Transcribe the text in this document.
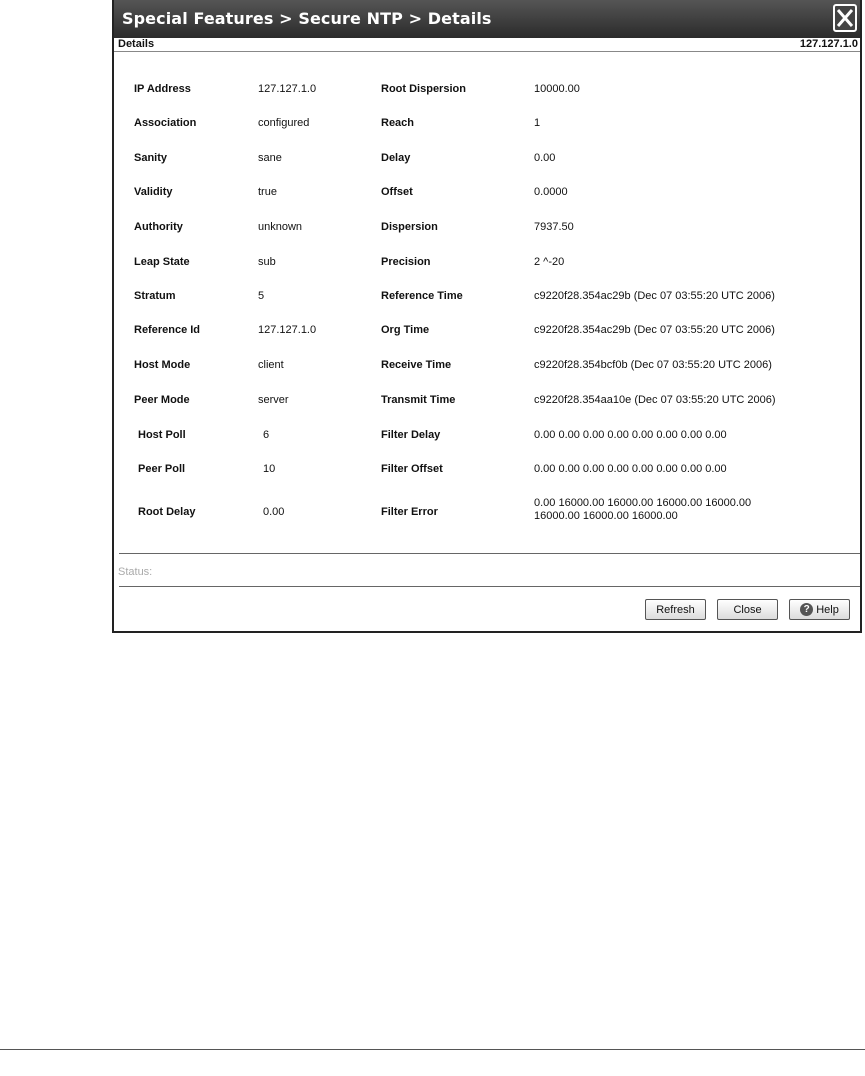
Special Features > Secure NTP > Details
Details	127.127.1.0
IP Address	127.127.1.0	Root Dispersion	10000.00
Association	configured	Reach	1
Sanity	sane	Delay	0.00
Validity	true	Offset	0.0000
Authority	unknown	Dispersion	7937.50
Leap State	sub	Precision	2 ^-20
Stratum	5	Reference Time	c9220f28.354ac29b (Dec 07 03:55:20 UTC 2006)
Reference Id	127.127.1.0	Org Time	c9220f28.354ac29b (Dec 07 03:55:20 UTC 2006)
Host Mode	client	Receive Time	c9220f28.354bcf0b (Dec 07 03:55:20 UTC 2006)
Peer Mode	server	Transmit Time	c9220f28.354aa10e (Dec 07 03:55:20 UTC 2006)
Host Poll	6	Filter Delay	0.00 0.00 0.00 0.00 0.00 0.00 0.00 0.00
Peer Poll	10	Filter Offset	0.00 0.00 0.00 0.00 0.00 0.00 0.00 0.00
Root Delay	0.00	Filter Error
0.00 16000.00 16000.00 16000.00 16000.00 16000.00 16000.00 16000.00
Status:
Refresh	Close	? Help
